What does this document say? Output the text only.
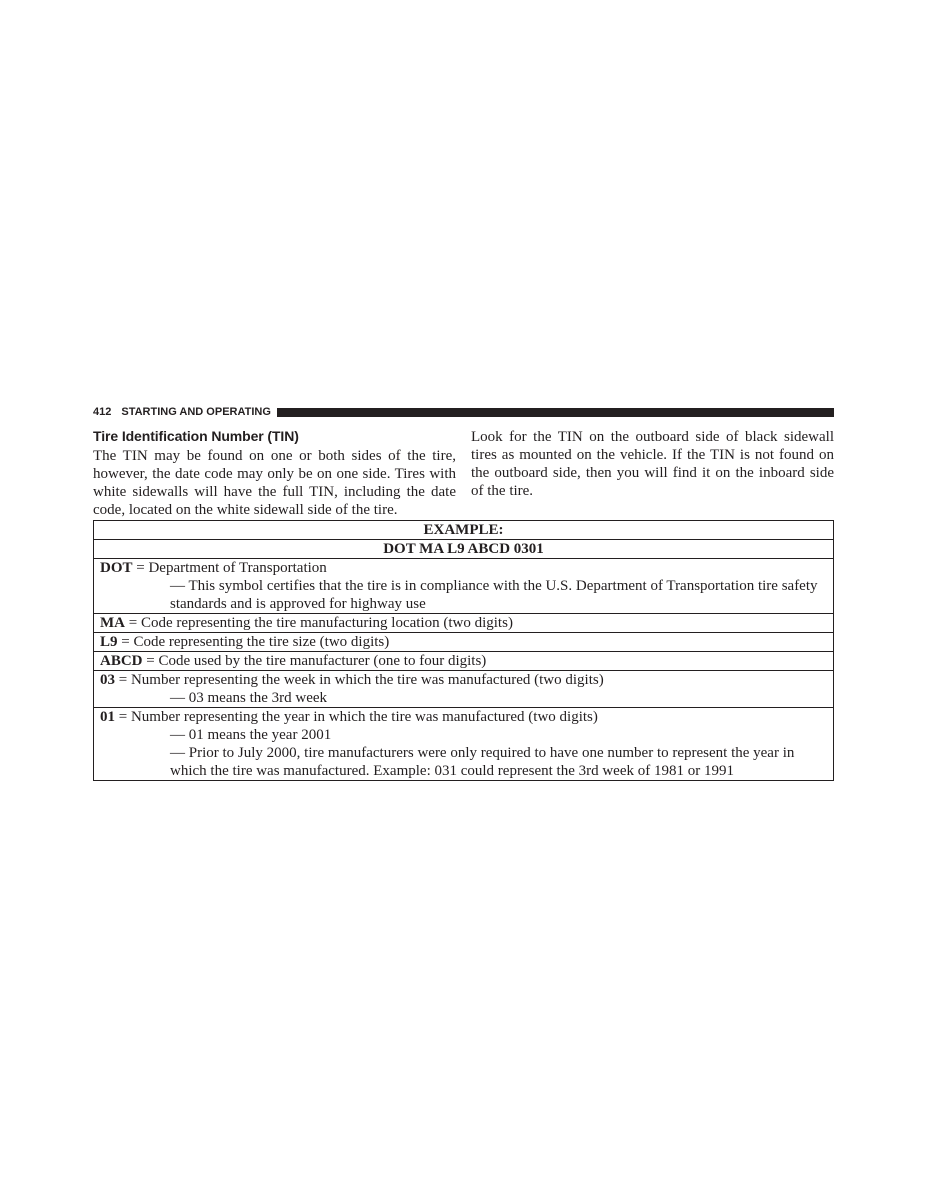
412 STARTING AND OPERATING
Tire Identification Number (TIN)

The TIN may be found on one or both sides of the tire, however, the date code may only be on one side. Tires with white sidewalls will have the full TIN, including the date code, located on the white sidewall side of the tire.

Look for the TIN on the outboard side of black sidewall tires as mounted on the vehicle. If the TIN is not found on the outboard side, then you will find it on the inboard side of the tire.

EXAMPLE:
DOT MA L9 ABCD 0301

DOT = Department of Transportation
— This symbol certifies that the tire is in compliance with the U.S. Department of Transportation tire safety standards and is approved for highway use

MA = Code representing the tire manufacturing location (two digits)

L9 = Code representing the tire size (two digits)

ABCD = Code used by the tire manufacturer (one to four digits)

03 = Number representing the week in which the tire was manufactured (two digits)
— 03 means the 3rd week

01 = Number representing the year in which the tire was manufactured (two digits)
— 01 means the year 2001
— Prior to July 2000, tire manufacturers were only required to have one number to represent the year in which the tire was manufactured. Example: 031 could represent the 3rd week of 1981 or 1991
